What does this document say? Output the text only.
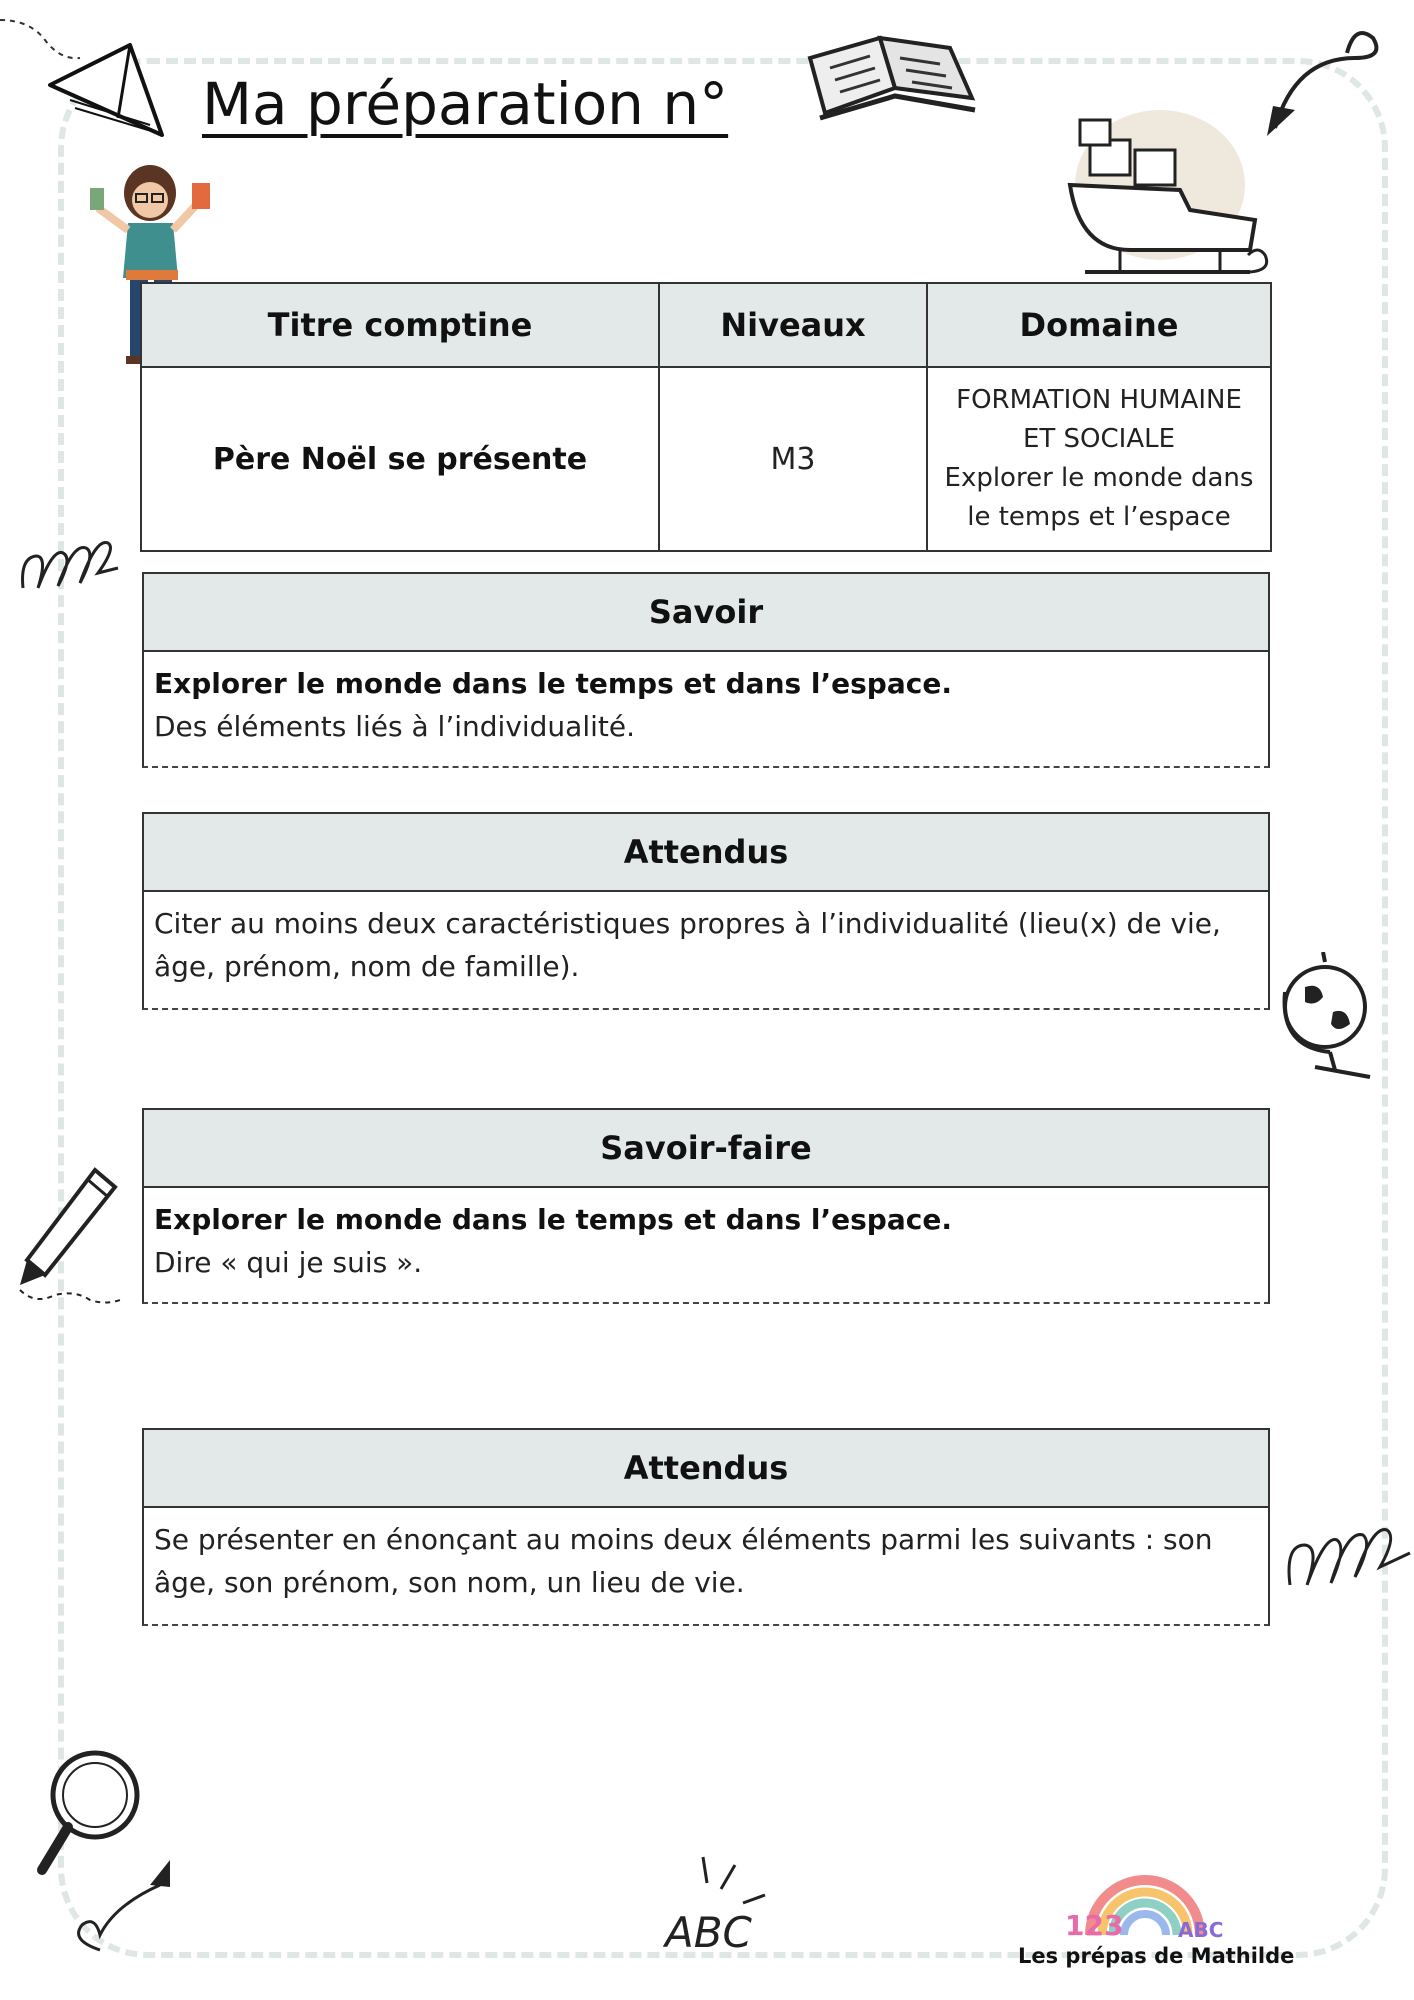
Ma préparation n°
Titre comptine	Niveaux	Domaine
Père Noël se présente	M3	FORMATION HUMAINE
ET SOCIALE
Explorer le monde dans
le temps et l’espace
Savoir
Explorer le monde dans le temps et dans l’espace.
Des éléments liés à l’individualité.
Attendus
Citer au moins deux caractéristiques propres à l’individualité (lieu(x) de vie, âge, prénom, nom de famille).
Savoir-faire
Explorer le monde dans le temps et dans l’espace.
Dire « qui je suis ».
Attendus
Se présenter en énonçant au moins deux éléments parmi les suivants : son âge, son prénom, son nom, un lieu de vie.
ABC	123	ABC
Les prépas de Mathilde
